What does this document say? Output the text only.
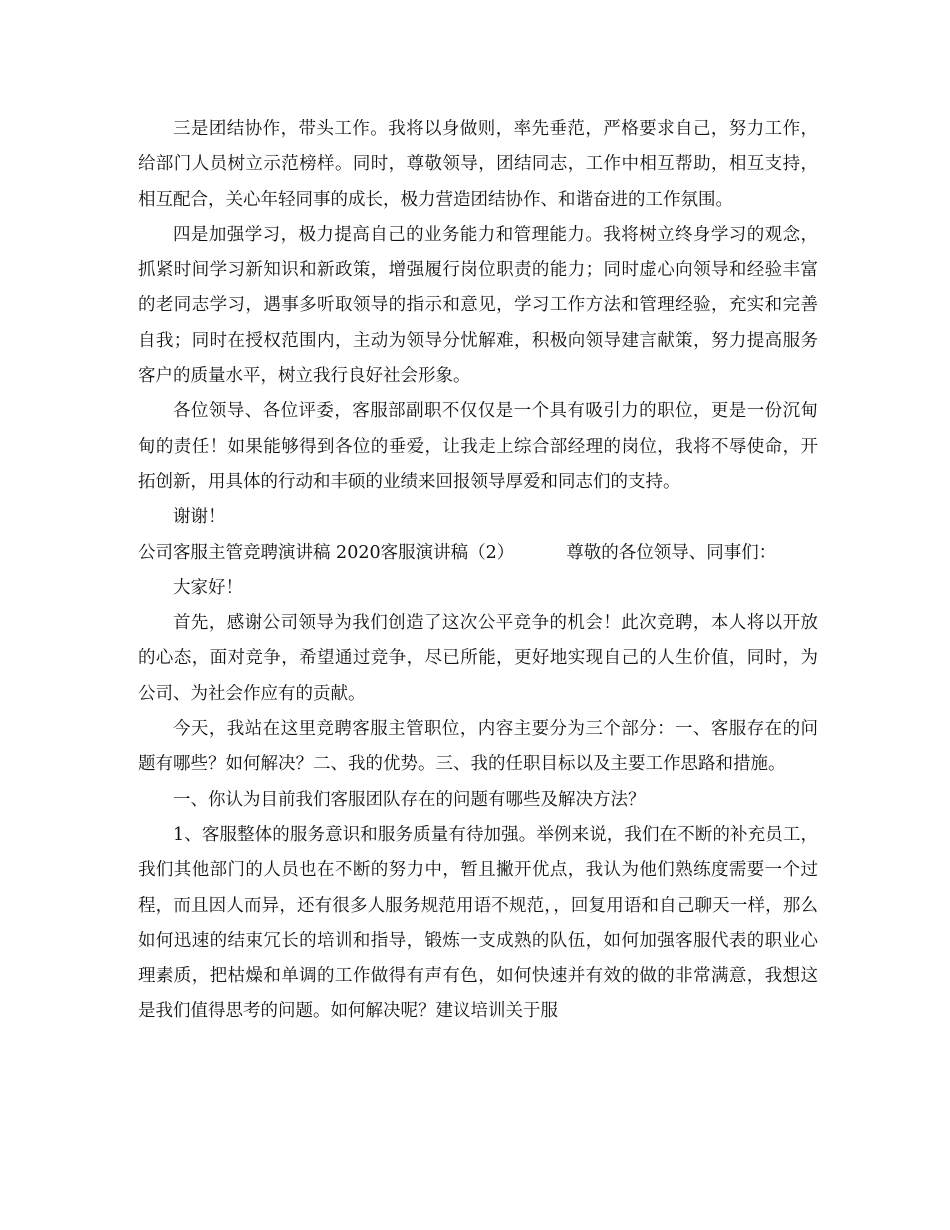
三是团结协作，带头工作。我将以身做则，率先垂范，严格要求自己，努力工作，给部门人员树立示范榜样。同时，尊敬领导，团结同志，工作中相互帮助，相互支持，相互配合，关心年轻同事的成长，极力营造团结协作、和谐奋进的工作氛围。

四是加强学习，极力提高自己的业务能力和管理能力。我将树立终身学习的观念，抓紧时间学习新知识和新政策，增强履行岗位职责的能力；同时虚心向领导和经验丰富的老同志学习，遇事多听取领导的指示和意见，学习工作方法和管理经验，充实和完善自我；同时在授权范围内，主动为领导分忧解难，积极向领导建言献策，努力提高服务客户的质量水平，树立我行良好社会形象。

各位领导、各位评委，客服部副职不仅仅是一个具有吸引力的职位，更是一份沉甸甸的责任！如果能够得到各位的垂爱，让我走上综合部经理的岗位，我将不辱使命，开拓创新，用具体的行动和丰硕的业绩来回报领导厚爱和同志们的支持。

谢谢！

公司客服主管竞聘演讲稿 2020客服演讲稿（2）	尊敬的各位领导、同事们：

大家好！

首先，感谢公司领导为我们创造了这次公平竞争的机会！此次竞聘，本人将以开放的心态，面对竞争，希望通过竞争，尽已所能，更好地实现自己的人生价值，同时，为公司、为社会作应有的贡献。

今天，我站在这里竞聘客服主管职位，内容主要分为三个部分：一、客服存在的问题有哪些？如何解决？二、我的优势。三、我的任职目标以及主要工作思路和措施。

一、你认为目前我们客服团队存在的问题有哪些及解决方法？

1、客服整体的服务意识和服务质量有待加强。举例来说，我们在不断的补充员工，我们其他部门的人员也在不断的努力中，暂且撇开优点，我认为他们熟练度需要一个过程，而且因人而异，还有很多人服务规范用语不规范，，回复用语和自己聊天一样，那么如何迅速的结束冗长的培训和指导，锻炼一支成熟的队伍，如何加强客服代表的职业心理素质，把枯燥和单调的工作做得有声有色，如何快速并有效的做的非常满意，我想这是我们值得思考的问题。如何解决呢？建议培训关于服
